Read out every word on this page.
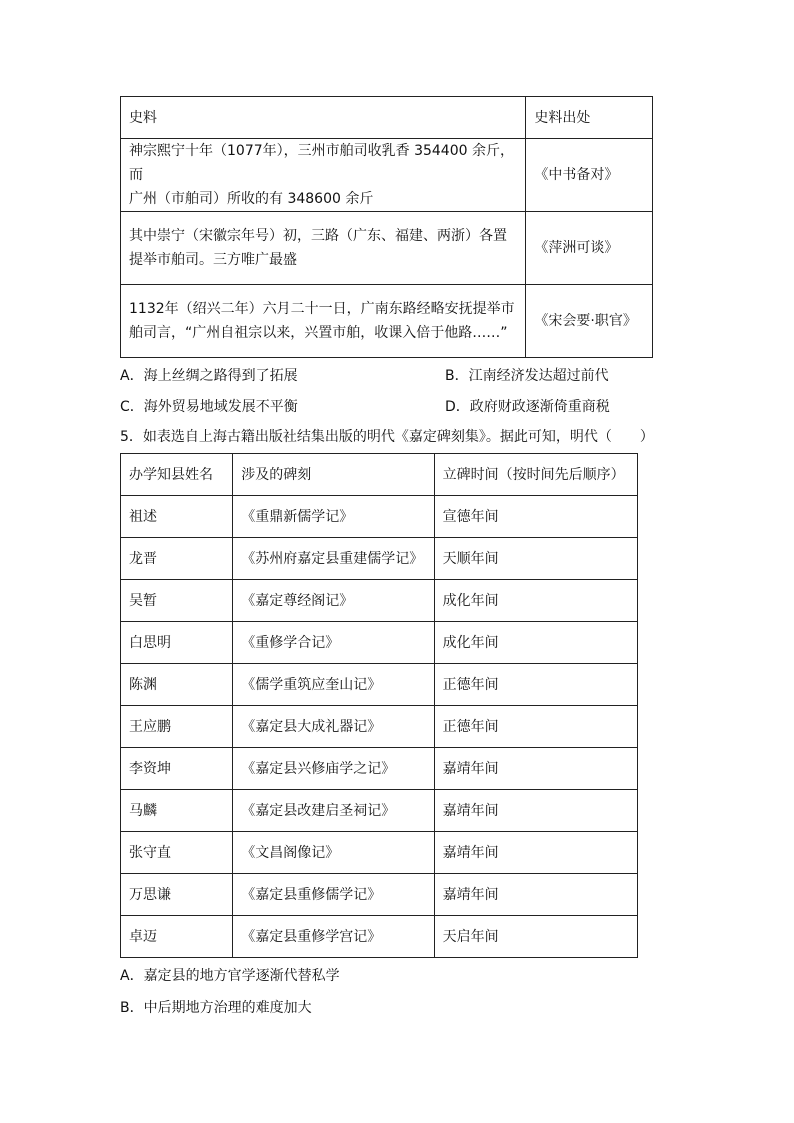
史料	史料出处

神宗熙宁十年（1077年），三州市舶司收乳香 354400 余斤，而
广州（市舶司）所收的有 348600 余斤	《中书备对》

其中崇宁（宋徽宗年号）初，三路（广东、福建、两浙）各置
提举市舶司。三方唯广最盛	《萍洲可谈》

1132年（绍兴二年）六月二十一日，广南东路经略安抚提举市
舶司言，“广州自祖宗以来，兴置市舶，收课入倍于他路……”	《宋会要·职官》
A．海上丝绸之路得到了拓展	B．江南经济发达超过前代
C．海外贸易地域发展不平衡	D．政府财政逐渐倚重商税
5．如表选自上海古籍出版社结集出版的明代《嘉定碑刻集》。据此可知，明代（　　）
办学知县姓名	涉及的碑刻	立碑时间（按时间先后顺序）
祖述	《重鼎新儒学记》	宣德年间
龙晋	《苏州府嘉定县重建儒学记》	天顺年间
吴暂	《嘉定尊经阁记》	成化年间
白思明	《重修学合记》	成化年间
陈渊	《儒学重筑应奎山记》	正德年间
王应鹏	《嘉定县大成礼器记》	正德年间
李资坤	《嘉定县兴修庙学之记》	嘉靖年间
马麟	《嘉定县改建启圣祠记》	嘉靖年间
张守直	《文昌阁像记》	嘉靖年间
万思谦	《嘉定县重修儒学记》	嘉靖年间
卓迈	《嘉定县重修学宫记》	天启年间
A．嘉定县的地方官学逐渐代替私学
B．中后期地方治理的难度加大
